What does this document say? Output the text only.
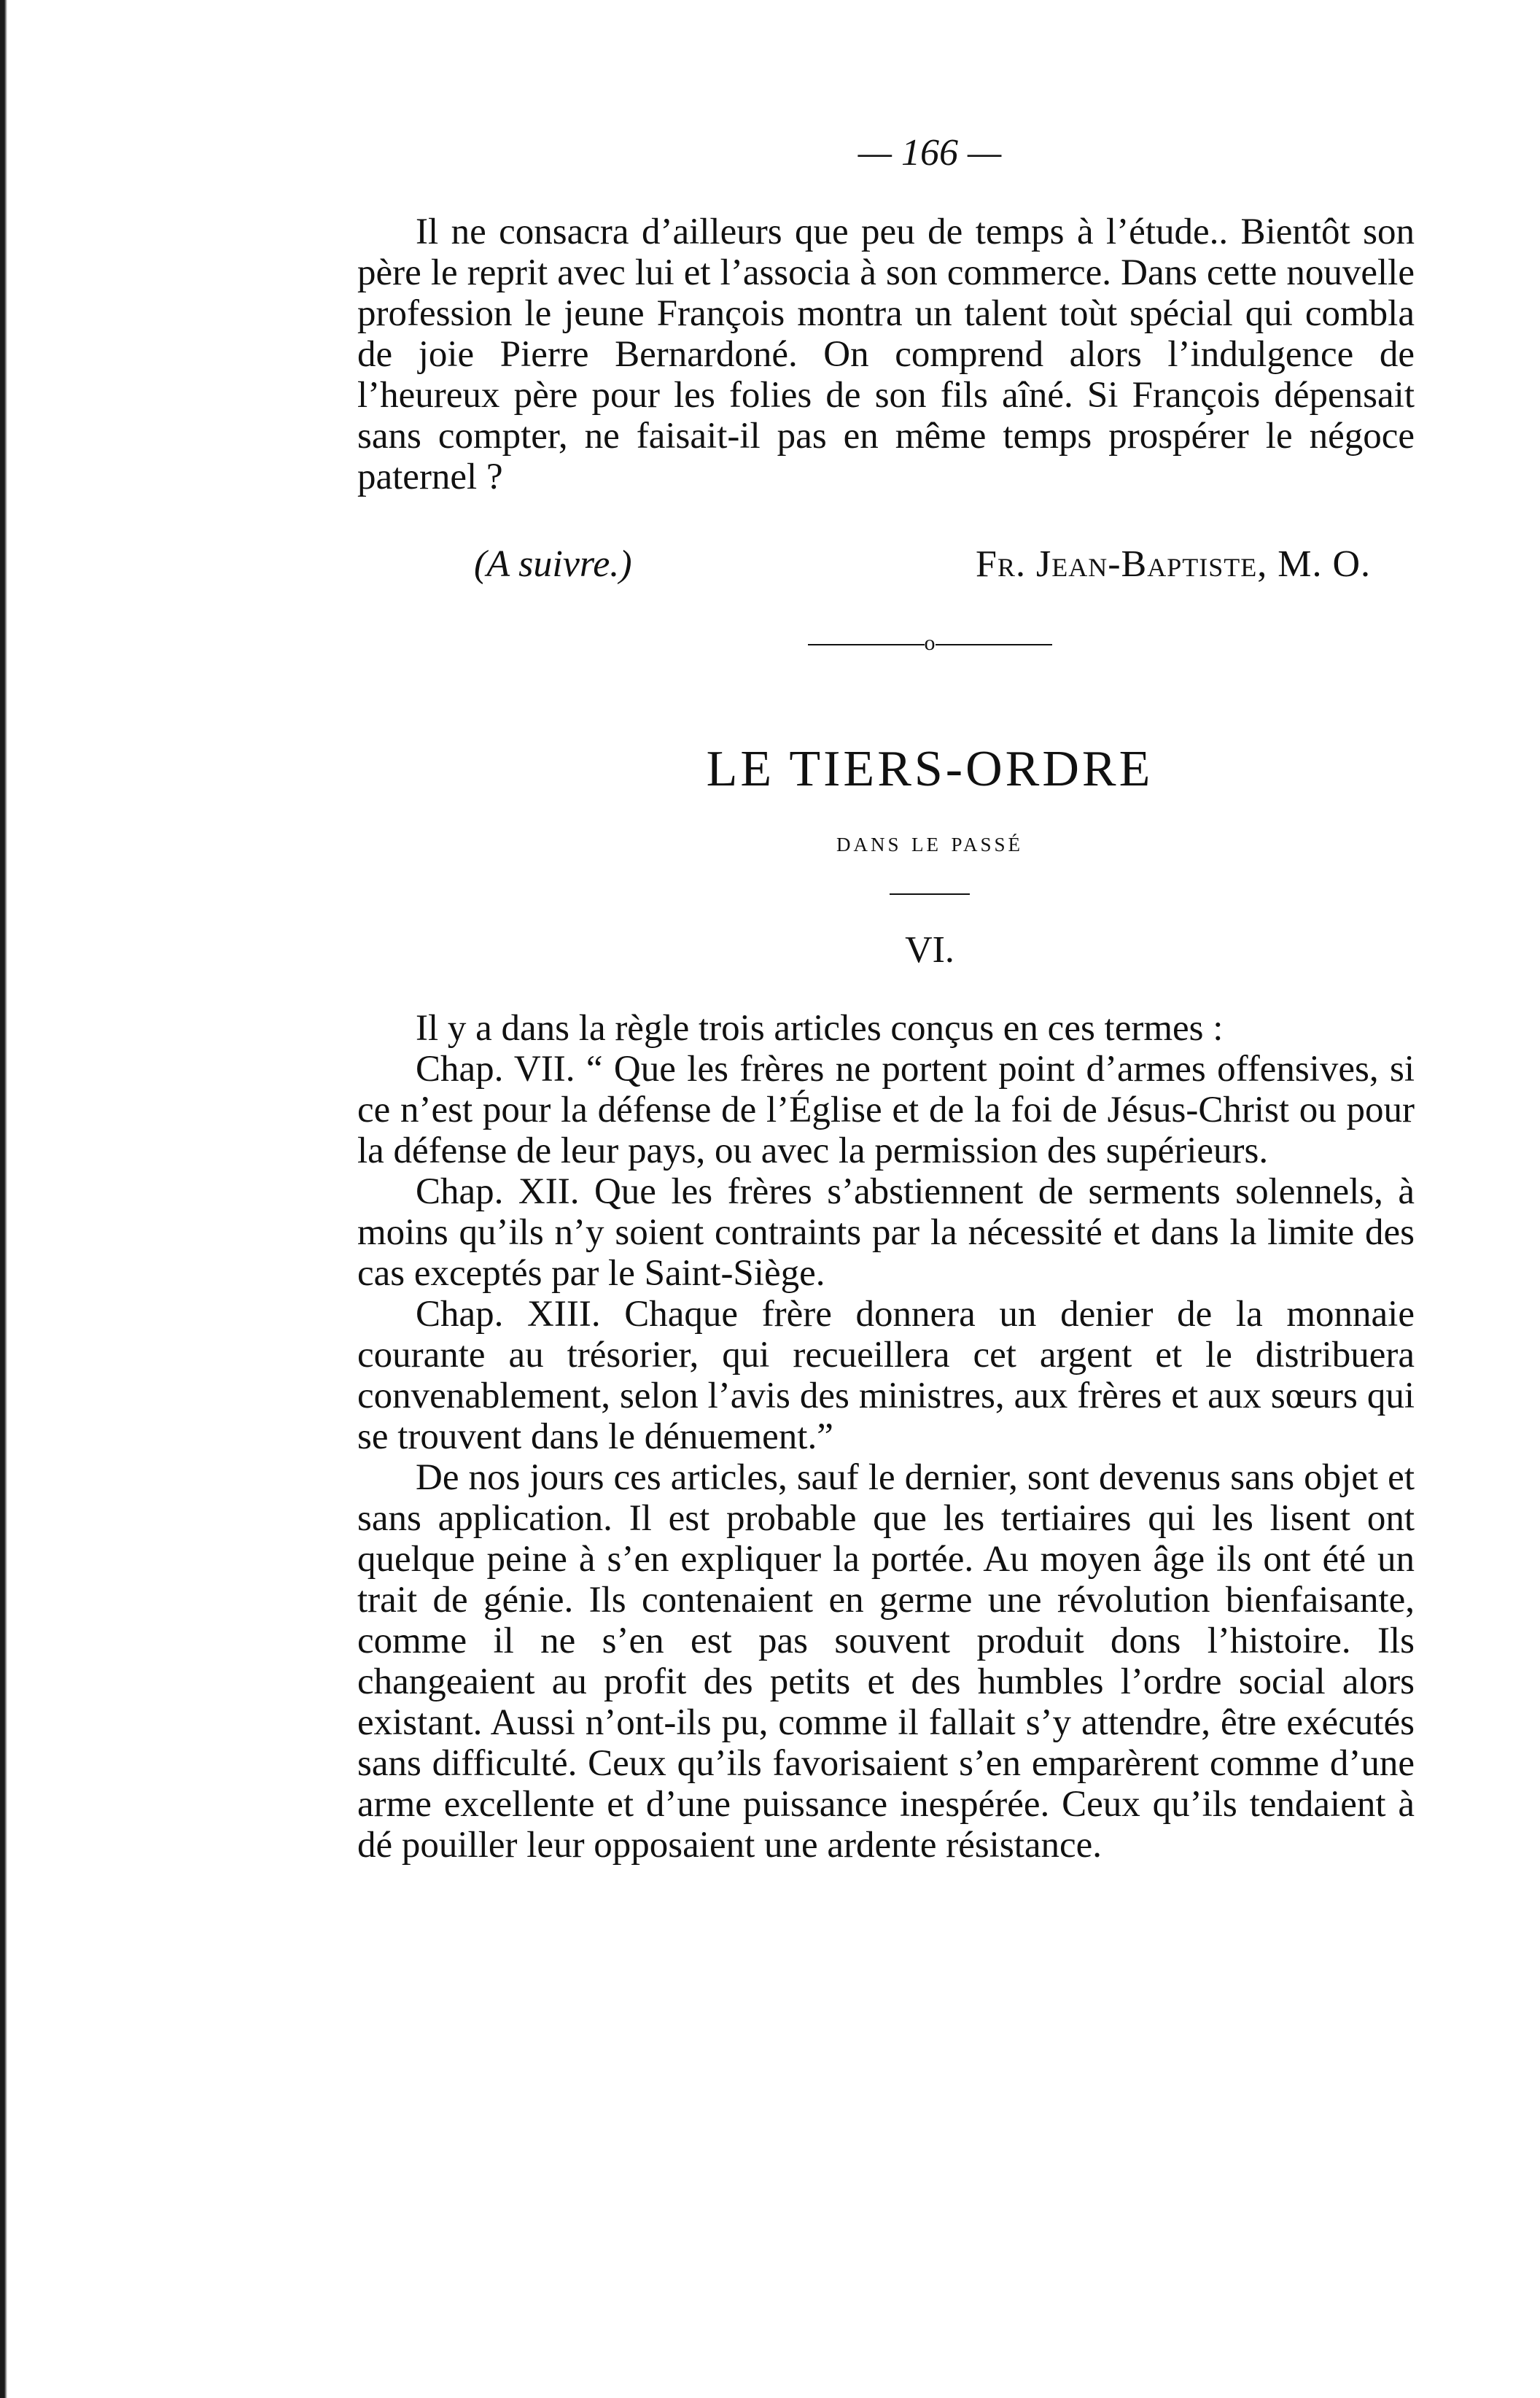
— 166 —

Il ne consacra d’ailleurs que peu de temps à l’étude.. Bientôt son père le reprit avec lui et l’associa à son commerce. Dans cette nouvelle profession le jeune François montra un talent toùt spécial qui combla de joie Pierre Bernardoné. On comprend alors l’indulgence de l’heureux père pour les folies de son fils aîné. Si François dépensait sans compter, ne faisait-il pas en même temps prospérer le négoce paternel ?

(A suivre.)	Fr. Jean-Baptiste, M. O.
o
LE TIERS-ORDRE
dans le passé
VI.

Il y a dans la règle trois articles conçus en ces termes :

Chap. VII. “ Que les frères ne portent point d’armes offensives, si ce n’est pour la défense de l’Église et de la foi de Jésus-Christ ou pour la défense de leur pays, ou avec la permission des supérieurs.

Chap. XII. Que les frères s’abstiennent de serments solennels, à moins qu’ils n’y soient contraints par la nécessité et dans la limite des cas exceptés par le Saint-Siège.

Chap. XIII. Chaque frère donnera un denier de la monnaie courante au trésorier, qui recueillera cet argent et le distribuera convenablement, selon l’avis des ministres, aux frères et aux sœurs qui se trouvent dans le dénuement.”

De nos jours ces articles, sauf le dernier, sont devenus sans objet et sans application. Il est probable que les tertiaires qui les lisent ont quelque peine à s’en expliquer la portée. Au moyen âge ils ont été un trait de génie. Ils contenaient en germe une révolution bienfaisante, comme il ne s’en est pas souvent produit dons l’histoire. Ils changeaient au profit des petits et des humbles l’ordre social alors existant. Aussi n’ont-ils pu, comme il fallait s’y attendre, être exécutés sans difficulté. Ceux qu’ils favorisaient s’en emparèrent comme d’une arme excellente et d’une puissance inespérée. Ceux qu’ils tendaient à dé pouiller leur opposaient une ardente résistance.
